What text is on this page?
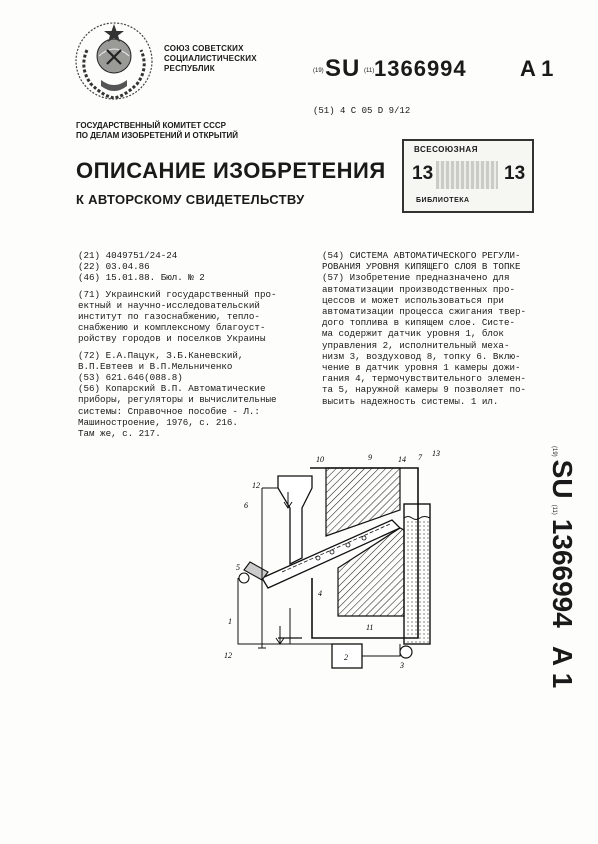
СОЮЗ СОВЕТСКИХ
СОЦИАЛИСТИЧЕСКИХ
РЕСПУБЛИК	(19) SU (11) 1366994 A 1
(51) 4 С 05 D 9/12
ГОСУДАРСТВЕННЫЙ КОМИТЕТ СССР
ПО ДЕЛАМ ИЗОБРЕТЕНИЙ И ОТКРЫТИЙ
ВСЕСОЮЗНАЯ
13	13
БИБЛИОТЕКА
ОПИСАНИЕ ИЗОБРЕТЕНИЯ
К АВТОРСКОМУ СВИДЕТЕЛЬСТВУ

(21) 4049751/24-24

(22) 03.04.86

(46) 15.01.88. Бюл. № 2

(71) Украинский государственный про-

ектный и научно-исследовательский

институт по газоснабжению, тепло-

снабжению и комплексному благоуст-

ройству городов и поселков Украины

(72) Е.А.Пацук, З.Б.Каневский,

В.П.Евтеев и В.П.Мельниченко

(53) 621.646(088.8)

(56) Копарский В.П. Автоматические

приборы, регуляторы и вычислительные

системы: Справочное пособие - Л.:

Машиностроение, 1976, с. 216.

Там же, с. 217.

(54) СИСТЕМА АВТОМАТИЧЕСКОГО РЕГУЛИ-

РОВАНИЯ УРОВНЯ КИПЯЩЕГО СЛОЯ В ТОПКЕ

(57) Изобретение предназначено для

автоматизации производственных про-

цессов и может использоваться при

автоматизации процесса сжигания твер-

дого топлива в кипящем слое. Систе-

ма содержит датчик уровня 1, блок

управления 2, исполнительный меха-

низм 3, воздуховод 8, топку 6. Вклю-

чение в датчик уровня 1 камеры дожи-

гания 4, термочувствительного элемен-

та 5, наружной камеры 9 позволяет по-

высить надежность системы. 1 ил.

(19)
SU
(11)
1366994
A 1
10	9	14 7 13
12
6
5
4
11
1
12	2
3
